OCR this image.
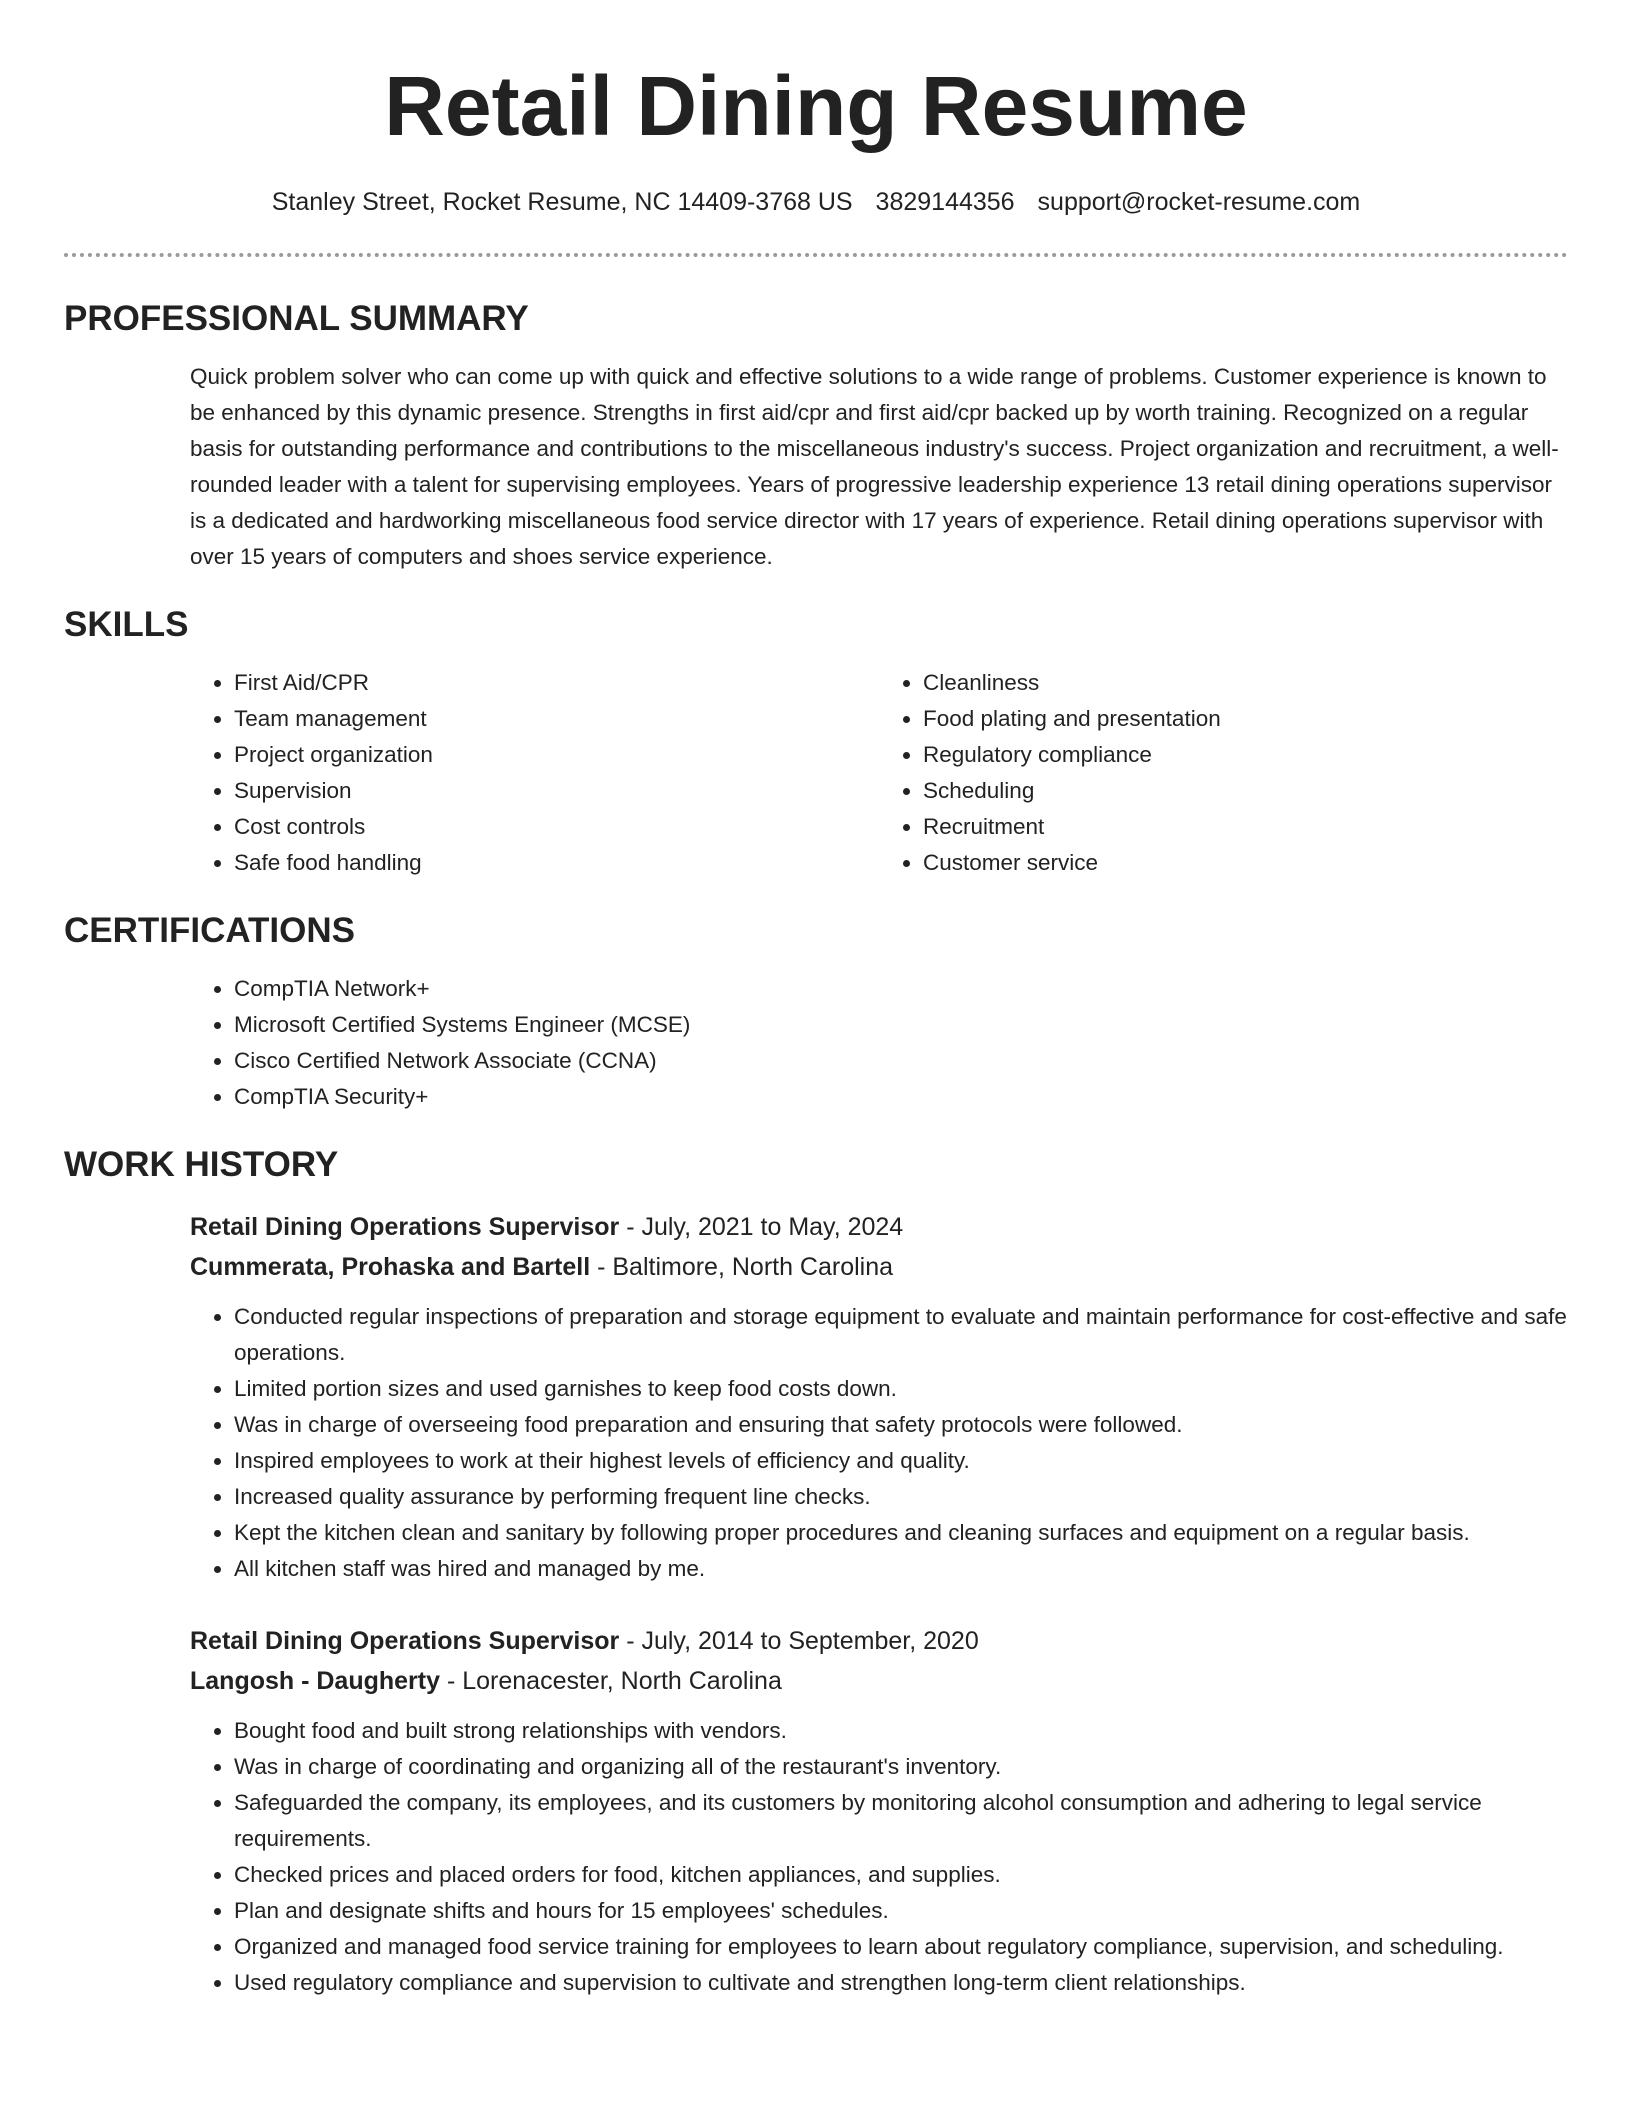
Retail Dining Resume
Stanley Street, Rocket Resume, NC 14409-3768 US 3829144356 support@rocket-resume.com
PROFESSIONAL SUMMARY

Quick problem solver who can come up with quick and effective solutions to a wide range of problems. Customer experience is known to be enhanced by this dynamic presence. Strengths in first aid/cpr and first aid/cpr backed up by worth training. Recognized on a regular basis for outstanding performance and contributions to the miscellaneous industry's success. Project organization and recruitment, a well-rounded leader with a talent for supervising employees. Years of progressive leadership experience 13 retail dining operations supervisor is a dedicated and hardworking miscellaneous food service director with 17 years of experience. Retail dining operations supervisor with over 15 years of computers and shoes service experience.

SKILLS
• First Aid/CPR
• Team management
• Project organization
• Supervision
• Cost controls
• Safe food handling
• Cleanliness
• Food plating and presentation
• Regulatory compliance
• Scheduling
• Recruitment
• Customer service
CERTIFICATIONS
• CompTIA Network+
• Microsoft Certified Systems Engineer (MCSE)
• Cisco Certified Network Associate (CCNA)
• CompTIA Security+
WORK HISTORY
Retail Dining Operations Supervisor - July, 2021 to May, 2024
Cummerata, Prohaska and Bartell - Baltimore, North Carolina
• Conducted regular inspections of preparation and storage equipment to evaluate and maintain performance for cost-effective and safe operations.
• Limited portion sizes and used garnishes to keep food costs down.
• Was in charge of overseeing food preparation and ensuring that safety protocols were followed.
• Inspired employees to work at their highest levels of efficiency and quality.
• Increased quality assurance by performing frequent line checks.
• Kept the kitchen clean and sanitary by following proper procedures and cleaning surfaces and equipment on a regular basis.
• All kitchen staff was hired and managed by me.
Retail Dining Operations Supervisor - July, 2014 to September, 2020
Langosh - Daugherty - Lorenacester, North Carolina
• Bought food and built strong relationships with vendors.
• Was in charge of coordinating and organizing all of the restaurant's inventory.
• Safeguarded the company, its employees, and its customers by monitoring alcohol consumption and adhering to legal service requirements.
• Checked prices and placed orders for food, kitchen appliances, and supplies.
• Plan and designate shifts and hours for 15 employees' schedules.
• Organized and managed food service training for employees to learn about regulatory compliance, supervision, and scheduling.
• Used regulatory compliance and supervision to cultivate and strengthen long-term client relationships.
